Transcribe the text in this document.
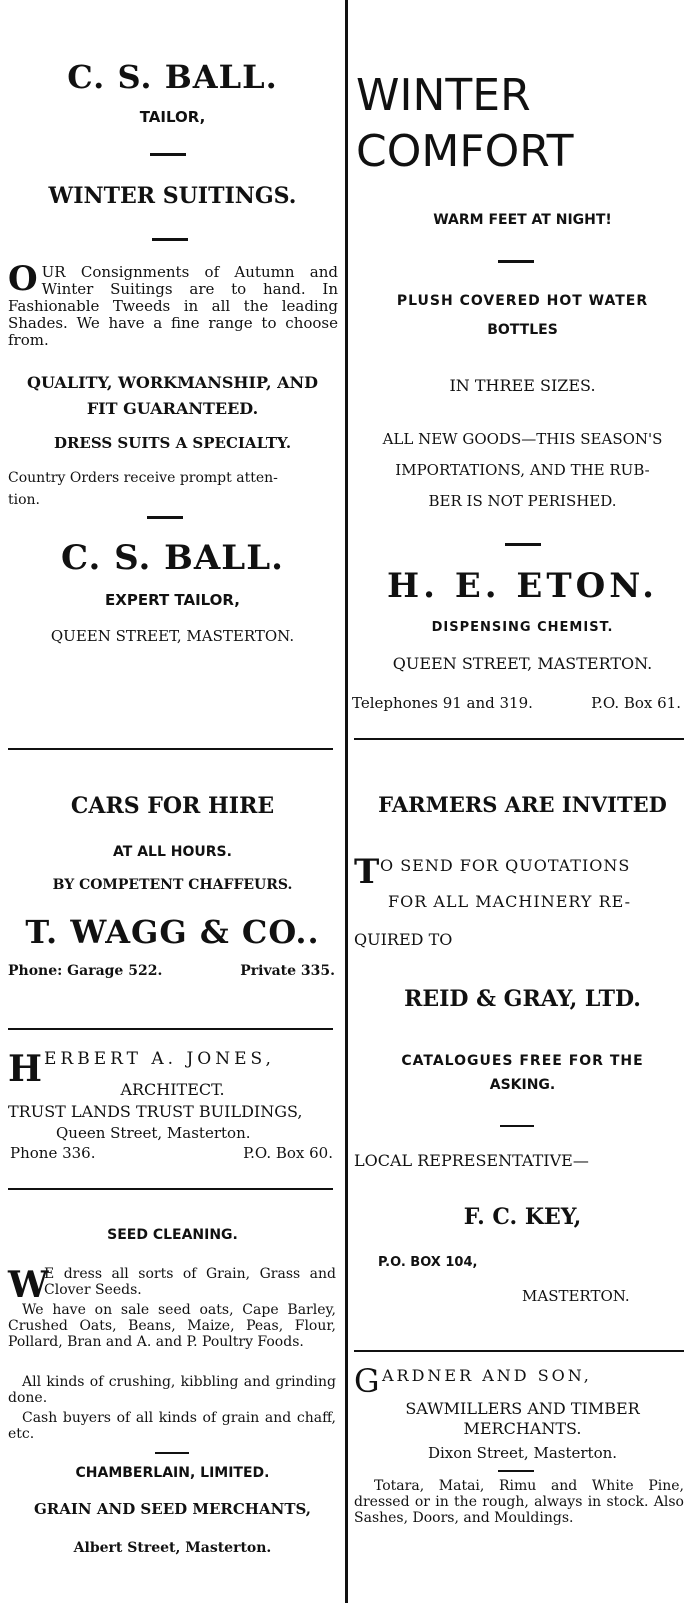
C. S. BALL.
TAILOR,
WINTER SUITINGS.
O UR Consignments of Autumn and Winter Suitings are to hand. In Fashionable Tweeds in all the leading Shades. We have a fine range to choose from.
QUALITY, WORKMANSHIP, AND
FIT GUARANTEED.
DRESS SUITS A SPECIALTY.
Country Orders receive prompt atten-
tion.
C. S. BALL.
EXPERT TAILOR,
QUEEN STREET, MASTERTON.
CARS FOR HIRE
AT ALL HOURS.
BY COMPETENT CHAFFEURS.
T. WAGG & CO..
Phone: Garage 522.	Private 335.
H ERBERT A. JONES,
ARCHITECT.
TRUST LANDS TRUST BUILDINGS,
Queen Street, Masterton.
Phone 336.	P.O. Box 60.
SEED CLEANING.
W
E dress all sorts of Grain, Grass and Clover Seeds.
We have on sale seed oats, Cape Barley, Crushed Oats, Beans, Maize, Peas, Flour, Pollard, Bran and A. and P. Poultry Foods.
All kinds of crushing, kibbling and grinding done.
Cash buyers of all kinds of grain and chaff, etc.
CHAMBERLAIN, LIMITED.
GRAIN AND SEED MERCHANTS,
Albert Street, Masterton.
WINTER
COMFORT
WARM FEET AT NIGHT!
PLUSH COVERED HOT WATER
BOTTLES
IN THREE SIZES.
ALL NEW GOODS—THIS SEASON'S
IMPORTATIONS, AND THE RUB-
BER IS NOT PERISHED.
H. E. ETON.
DISPENSING CHEMIST.
QUEEN STREET, MASTERTON.
Telephones 91 and 319.	P.O. Box 61.
FARMERS ARE INVITED
T O SEND FOR QUOTATIONS
FOR ALL MACHINERY RE-
QUIRED TO
REID & GRAY, LTD.
CATALOGUES FREE FOR THE
ASKING.
LOCAL REPRESENTATIVE—
F. C. KEY,
P.O. BOX 104,
MASTERTON.
G ARDNER AND SON,
SAWMILLERS AND TIMBER
MERCHANTS.
Dixon Street, Masterton.
Totara, Matai, Rimu and White Pine, dressed or in the rough, always in stock. Also Sashes, Doors, and Mouldings.
